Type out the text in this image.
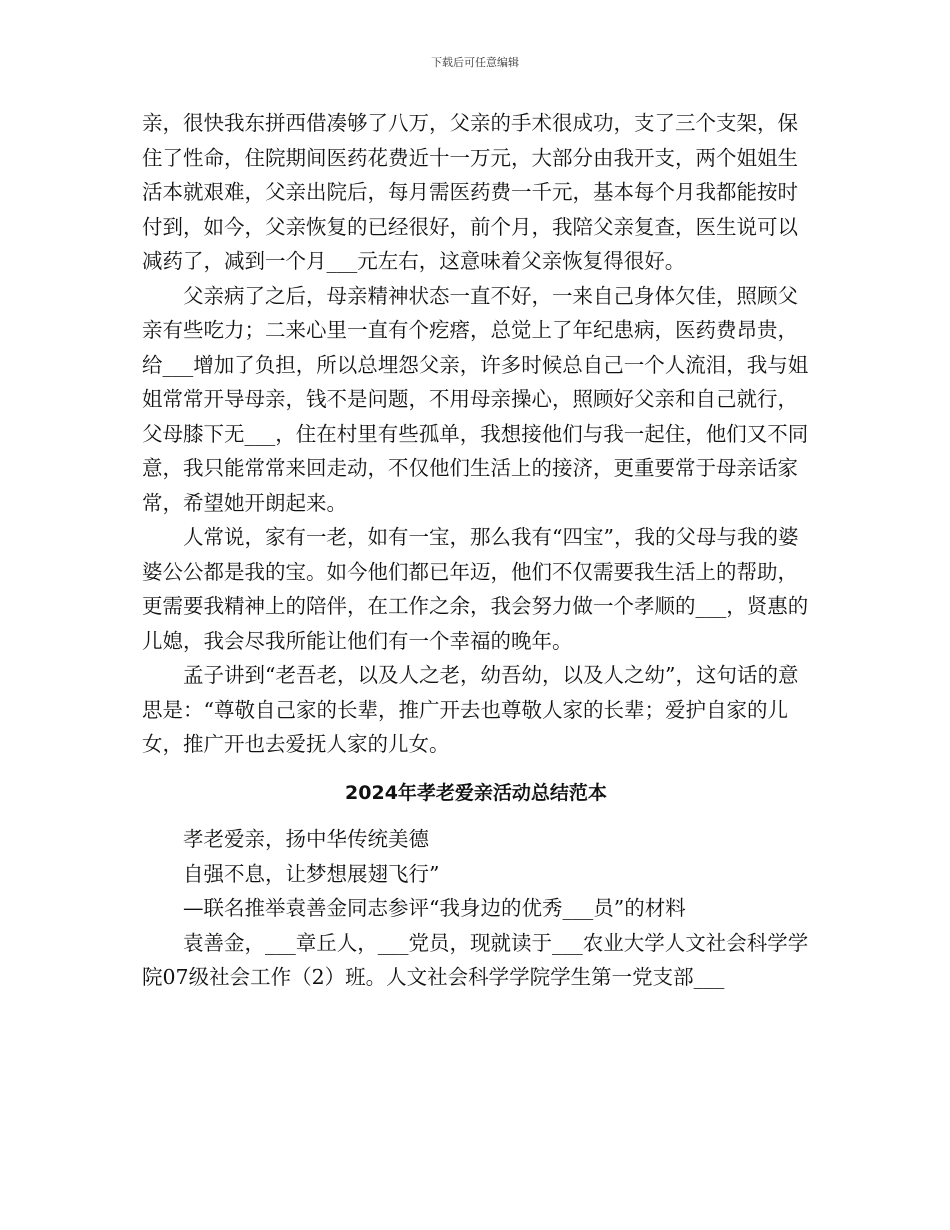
下载后可任意编辑

亲，很快我东拼西借凑够了八万，父亲的手术很成功，支了三个支架，保住了性命，住院期间医药花费近十一万元，大部分由我开支，两个姐姐生活本就艰难，父亲出院后，每月需医药费一千元，基本每个月我都能按时付到，如今，父亲恢复的已经很好，前个月，我陪父亲复查，医生说可以减药了，减到一个月___元左右，这意味着父亲恢复得很好。

父亲病了之后，母亲精神状态一直不好，一来自己身体欠佳，照顾父亲有些吃力；二来心里一直有个疙瘩，总觉上了年纪患病，医药费昂贵，给___增加了负担，所以总埋怨父亲，许多时候总自己一个人流泪，我与姐姐常常开导母亲，钱不是问题，不用母亲操心，照顾好父亲和自己就行，父母膝下无___，住在村里有些孤单，我想接他们与我一起住，他们又不同意，我只能常常来回走动，不仅他们生活上的接济，更重要常于母亲话家常，希望她开朗起来。

人常说，家有一老，如有一宝，那么我有“四宝”，我的父母与我的婆婆公公都是我的宝。如今他们都已年迈，他们不仅需要我生活上的帮助，更需要我精神上的陪伴，在工作之余，我会努力做一个孝顺的___，贤惠的儿媳，我会尽我所能让他们有一个幸福的晚年。

孟子讲到“老吾老，以及人之老，幼吾幼，以及人之幼”，这句话的意思是：“尊敬自己家的长辈，推广开去也尊敬人家的长辈；爱护自家的儿女，推广开也去爱抚人家的儿女。

2024年孝老爱亲活动总结范本

孝老爱亲，扬中华传统美德

自强不息，让梦想展翅飞行”

—联名推举袁善金同志参评“我身边的优秀___员”的材料

袁善金，___章丘人，___党员，现就读于___农业大学人文社会科学学院07级社会工作（2）班。人文社会科学学院学生第一党支部___
